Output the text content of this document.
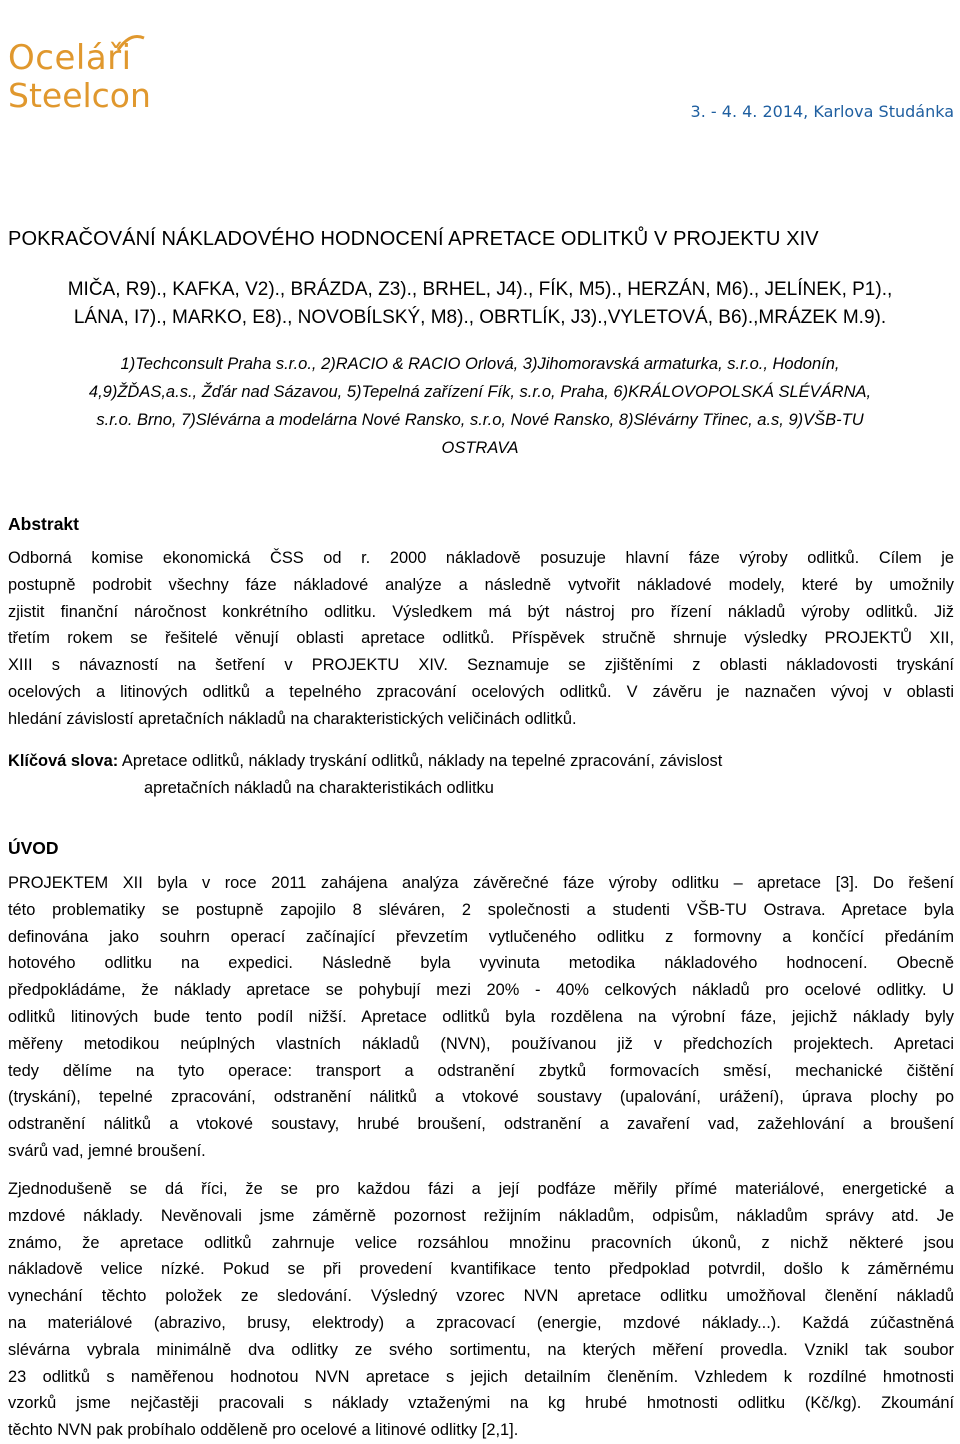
Oceláři
Steelcon	3. - 4. 4. 2014, Karlova Studánka
POKRAČOVÁNÍ NÁKLADOVÉHO HODNOCENÍ APRETACE ODLITKŮ V PROJEKTU XIV
MIČA, R9)., KAFKA, V2)., BRÁZDA, Z3)., BRHEL, J4)., FÍK, M5)., HERZÁN, M6)., JELÍNEK, P1).,
LÁNA, I7)., MARKO, E8)., NOVOBÍLSKÝ, M8)., OBRTLÍK, J3).,VYLETOVÁ, B6).,MRÁZEK M.9).
1)Techconsult Praha s.r.o., 2)RACIO & RACIO Orlová, 3)Jihomoravská armaturka, s.r.o., Hodonín,
4,9)ŽĎAS,a.s., Žďár nad Sázavou, 5)Tepelná zařízení Fík, s.r.o, Praha, 6)KRÁLOVOPOLSKÁ SLÉVÁRNA,
s.r.o. Brno, 7)Slévárna a modelárna Nové Ransko, s.r.o, Nové Ransko, 8)Slévárny Třinec, a.s, 9)VŠB-TU
OSTRAVA
Abstrakt
Odborná komise ekonomická ČSS od r. 2000 nákladově posuzuje hlavní fáze výroby odlitků. Cílem je
postupně podrobit všechny fáze nákladové analýze a následně vytvořit nákladové modely, které by umožnily
zjistit finanční náročnost konkrétního odlitku. Výsledkem má být nástroj pro řízení nákladů výroby odlitků. Již
třetím rokem se řešitelé věnují oblasti apretace odlitků. Příspěvek stručně shrnuje výsledky PROJEKTŮ XII,
XIII s návazností na šetření v PROJEKTU XIV. Seznamuje se zjištěními z oblasti nákladovosti tryskání
ocelových a litinových odlitků a tepelného zpracování ocelových odlitků. V závěru je naznačen vývoj v oblasti
hledání závislostí apretačních nákladů na charakteristických veličinách odlitků.
Klíčová slova: Apretace odlitků, náklady tryskání odlitků, náklady na tepelné zpracování, závislost
apretačních nákladů na charakteristikách odlitku
ÚVOD
PROJEKTEM XII byla v roce 2011 zahájena analýza závěrečné fáze výroby odlitku – apretace [3]. Do řešení
této problematiky se postupně zapojilo 8 sléváren, 2 společnosti a studenti VŠB-TU Ostrava. Apretace byla
definována jako souhrn operací začínající převzetím vytlučeného odlitku z formovny a končící předáním
hotového odlitku na expedici. Následně byla vyvinuta metodika nákladového hodnocení. Obecně
předpokládáme, že náklady apretace se pohybují mezi 20% - 40% celkových nákladů pro ocelové odlitky. U
odlitků litinových bude tento podíl nižší. Apretace odlitků byla rozdělena na výrobní fáze, jejichž náklady byly
měřeny metodikou neúplných vlastních nákladů (NVN), používanou již v předchozích projektech. Apretaci
tedy dělíme na tyto operace: transport a odstranění zbytků formovacích směsí, mechanické čištění
(tryskání), tepelné zpracování, odstranění nálitků a vtokové soustavy (upalování, urážení), úprava plochy po
odstranění nálitků a vtokové soustavy, hrubé broušení, odstranění a zavaření vad, zažehlování a broušení
svárů vad, jemné broušení.
Zjednodušeně se dá říci, že se pro každou fázi a její podfáze měřily přímé materiálové, energetické a
mzdové náklady. Nevěnovali jsme záměrně pozornost režijním nákladům, odpisům, nákladům správy atd. Je
známo, že apretace odlitků zahrnuje velice rozsáhlou množinu pracovních úkonů, z nichž některé jsou
nákladově velice nízké. Pokud se při provedení kvantifikace tento předpoklad potvrdil, došlo k záměrnému
vynechání těchto položek ze sledování. Výsledný vzorec NVN apretace odlitku umožňoval členění nákladů
na materiálové (abrazivo, brusy, elektrody) a zpracovací (energie, mzdové náklady...). Každá zúčastněná
slévárna vybrala minimálně dva odlitky ze svého sortimentu, na kterých měření provedla. Vznikl tak soubor
23 odlitků s naměřenou hodnotou NVN apretace s jejich detailním členěním. Vzhledem k rozdílné hmotnosti
vzorků jsme nejčastěji pracovali s náklady vztaženými na kg hrubé hmotnosti odlitku (Kč/kg). Zkoumání
těchto NVN pak probíhalo odděleně pro ocelové a litinové odlitky [2,1].
